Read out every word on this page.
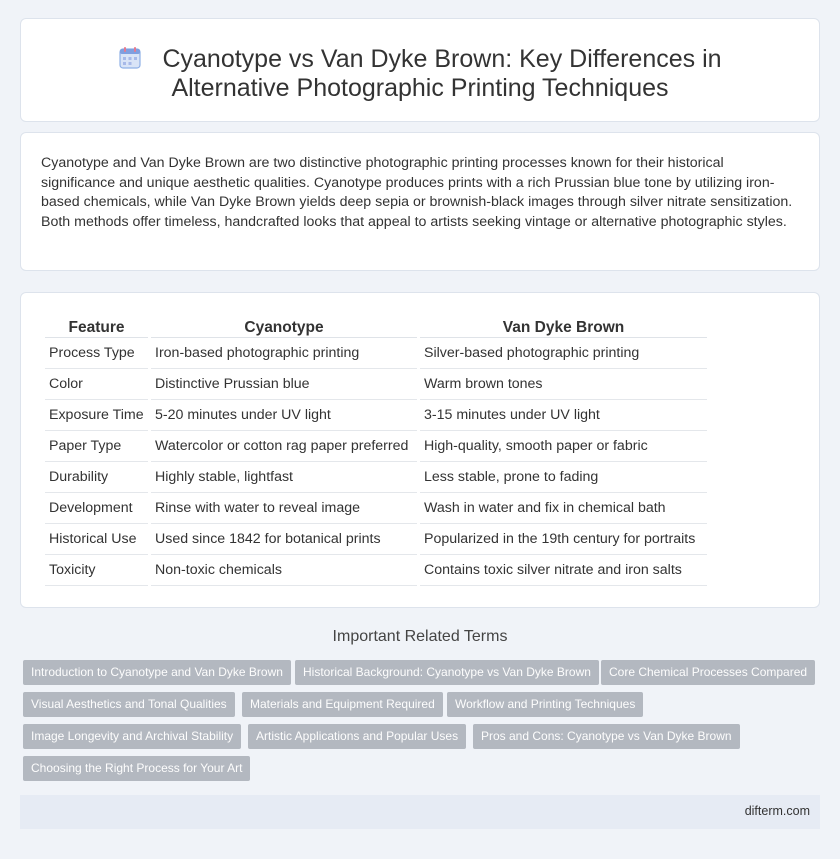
Cyanotype vs Van Dyke Brown: Key Differences in Alternative Photographic Printing Techniques

Cyanotype and Van Dyke Brown are two distinctive photographic printing processes known for their historical significance and unique aesthetic qualities. Cyanotype produces prints with a rich Prussian blue tone by utilizing iron-based chemicals, while Van Dyke Brown yields deep sepia or brownish-black images through silver nitrate sensitization. Both methods offer timeless, handcrafted looks that appeal to artists seeking vintage or alternative photographic styles.

Feature	Cyanotype	Van Dyke Brown
Process Type	Iron-based photographic printing	Silver-based photographic printing
Color	Distinctive Prussian blue	Warm brown tones
Exposure Time	5-20 minutes under UV light	3-15 minutes under UV light
Paper Type	Watercolor or cotton rag paper preferred	High-quality, smooth paper or fabric
Durability	Highly stable, lightfast	Less stable, prone to fading
Development	Rinse with water to reveal image	Wash in water and fix in chemical bath
Historical Use	Used since 1842 for botanical prints	Popularized in the 19th century for portraits
Toxicity	Non-toxic chemicals	Contains toxic silver nitrate and iron salts
Important Related Terms
Introduction to Cyanotype and Van Dyke Brown	Historical Background: Cyanotype vs Van Dyke Brown	Core Chemical Processes Compared
Visual Aesthetics and Tonal Qualities	Materials and Equipment Required	Workflow and Printing Techniques
Image Longevity and Archival Stability	Artistic Applications and Popular Uses	Pros and Cons: Cyanotype vs Van Dyke Brown
Choosing the Right Process for Your Art
difterm.com
